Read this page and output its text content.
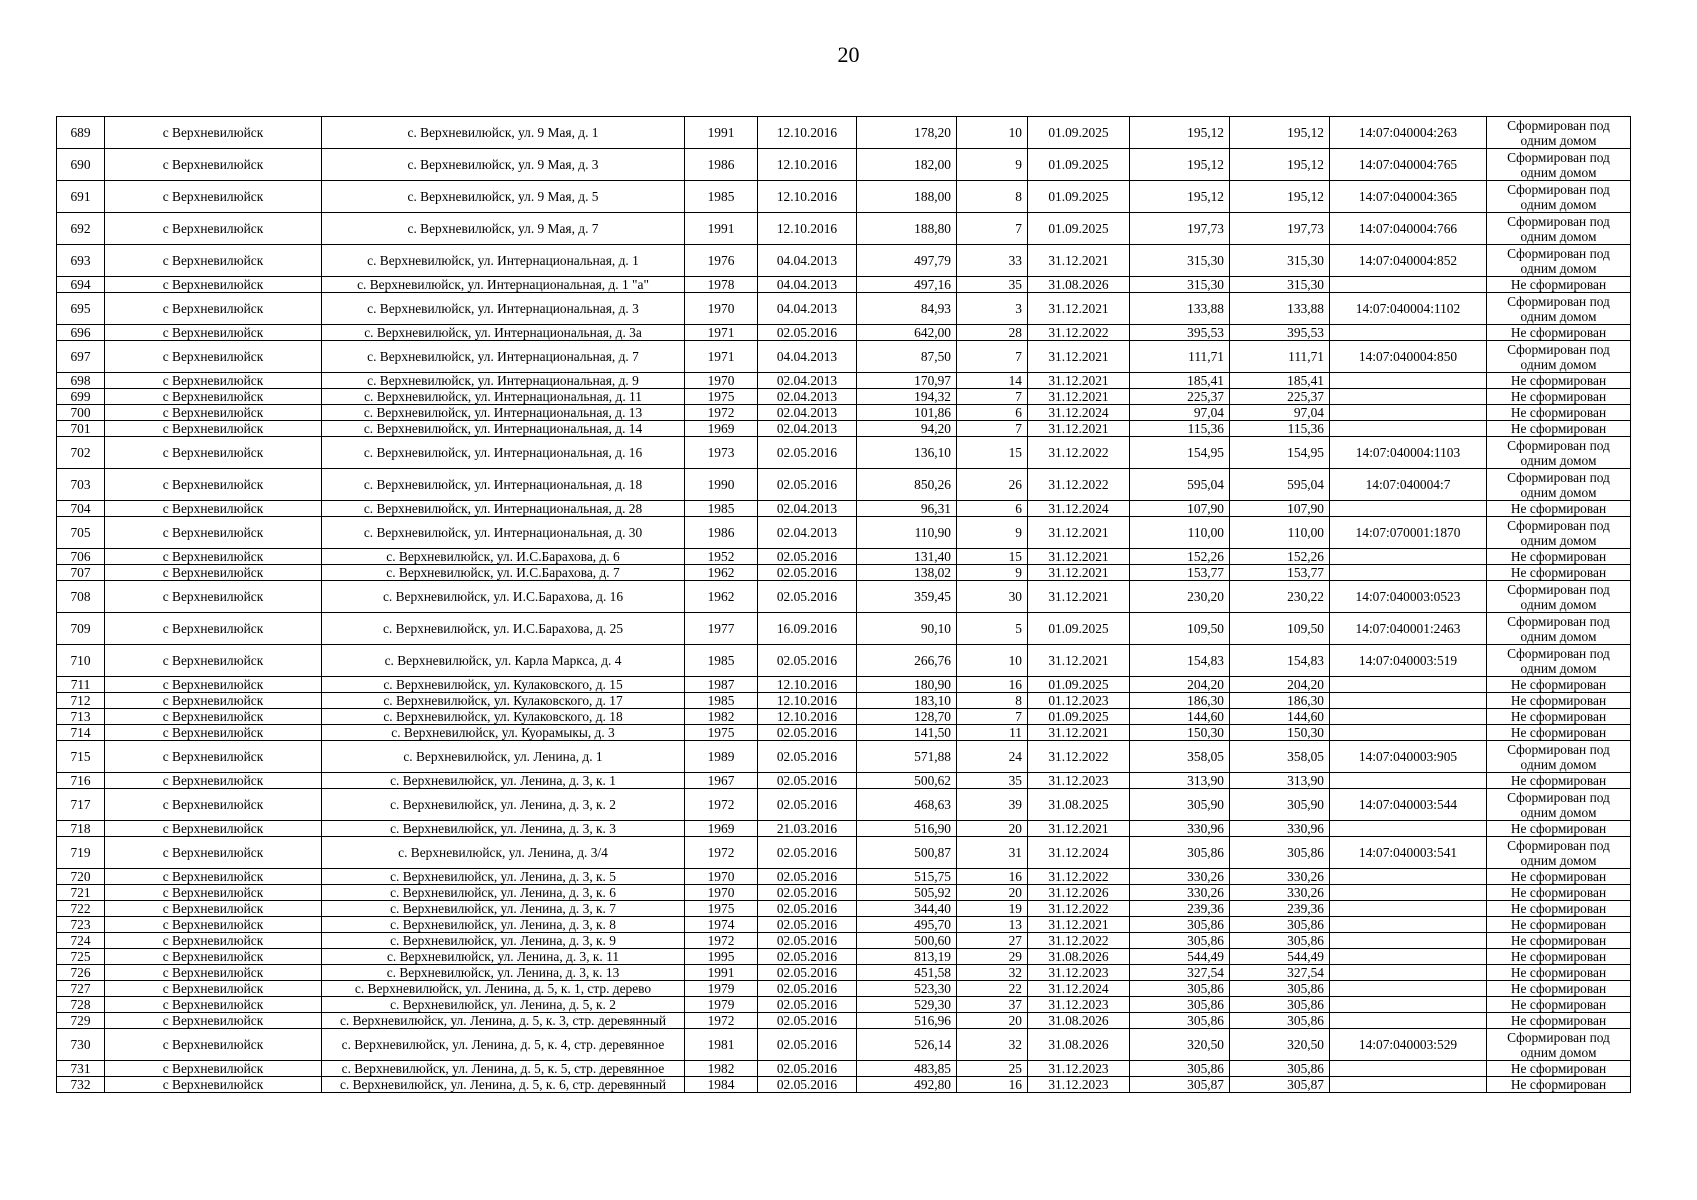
20
689	с Верхневилюйск	с. Верхневилюйск, ул. 9 Мая, д. 1	1991	12.10.2016	178,20	10	01.09.2025	195,12	195,12	14:07:040004:263	Сформирован под одним домом
690	с Верхневилюйск	с. Верхневилюйск, ул. 9 Мая, д. 3	1986	12.10.2016	182,00	9	01.09.2025	195,12	195,12	14:07:040004:765	Сформирован под одним домом
691	с Верхневилюйск	с. Верхневилюйск, ул. 9 Мая, д. 5	1985	12.10.2016	188,00	8	01.09.2025	195,12	195,12	14:07:040004:365	Сформирован под одним домом
692	с Верхневилюйск	с. Верхневилюйск, ул. 9 Мая, д. 7	1991	12.10.2016	188,80	7	01.09.2025	197,73	197,73	14:07:040004:766	Сформирован под одним домом
693	с Верхневилюйск	с. Верхневилюйск, ул. Интернациональная, д. 1	1976	04.04.2013	497,79	33	31.12.2021	315,30	315,30	14:07:040004:852	Сформирован под одним домом
694	с Верхневилюйск	с. Верхневилюйск, ул. Интернациональная, д. 1 "а"	1978	04.04.2013	497,16	35	31.08.2026	315,30	315,30		Не сформирован
695	с Верхневилюйск	с. Верхневилюйск, ул. Интернациональная, д. 3	1970	04.04.2013	84,93	3	31.12.2021	133,88	133,88	14:07:040004:1102	Сформирован под одним домом
696	с Верхневилюйск	с. Верхневилюйск, ул. Интернациональная, д. 3а	1971	02.05.2016	642,00	28	31.12.2022	395,53	395,53		Не сформирован
697	с Верхневилюйск	с. Верхневилюйск, ул. Интернациональная, д. 7	1971	04.04.2013	87,50	7	31.12.2021	111,71	111,71	14:07:040004:850	Сформирован под одним домом
698	с Верхневилюйск	с. Верхневилюйск, ул. Интернациональная, д. 9	1970	02.04.2013	170,97	14	31.12.2021	185,41	185,41		Не сформирован
699	с Верхневилюйск	с. Верхневилюйск, ул. Интернациональная, д. 11	1975	02.04.2013	194,32	7	31.12.2021	225,37	225,37		Не сформирован
700	с Верхневилюйск	с. Верхневилюйск, ул. Интернациональная, д. 13	1972	02.04.2013	101,86	6	31.12.2024	97,04	97,04		Не сформирован
701	с Верхневилюйск	с. Верхневилюйск, ул. Интернациональная, д. 14	1969	02.04.2013	94,20	7	31.12.2021	115,36	115,36		Не сформирован
702	с Верхневилюйск	с. Верхневилюйск, ул. Интернациональная, д. 16	1973	02.05.2016	136,10	15	31.12.2022	154,95	154,95	14:07:040004:1103	Сформирован под одним домом
703	с Верхневилюйск	с. Верхневилюйск, ул. Интернациональная, д. 18	1990	02.05.2016	850,26	26	31.12.2022	595,04	595,04	14:07:040004:7	Сформирован под одним домом
704	с Верхневилюйск	с. Верхневилюйск, ул. Интернациональная, д. 28	1985	02.04.2013	96,31	6	31.12.2024	107,90	107,90		Не сформирован
705	с Верхневилюйск	с. Верхневилюйск, ул. Интернациональная, д. 30	1986	02.04.2013	110,90	9	31.12.2021	110,00	110,00	14:07:070001:1870	Сформирован под одним домом
706	с Верхневилюйск	с. Верхневилюйск, ул. И.С.Барахова, д. 6	1952	02.05.2016	131,40	15	31.12.2021	152,26	152,26		Не сформирован
707	с Верхневилюйск	с. Верхневилюйск, ул. И.С.Барахова, д. 7	1962	02.05.2016	138,02	9	31.12.2021	153,77	153,77		Не сформирован
708	с Верхневилюйск	с. Верхневилюйск, ул. И.С.Барахова, д. 16	1962	02.05.2016	359,45	30	31.12.2021	230,20	230,22	14:07:040003:0523	Сформирован под одним домом
709	с Верхневилюйск	с. Верхневилюйск, ул. И.С.Барахова, д. 25	1977	16.09.2016	90,10	5	01.09.2025	109,50	109,50	14:07:040001:2463	Сформирован под одним домом
710	с Верхневилюйск	с. Верхневилюйск, ул. Карла Маркса, д. 4	1985	02.05.2016	266,76	10	31.12.2021	154,83	154,83	14:07:040003:519	Сформирован под одним домом
711	с Верхневилюйск	с. Верхневилюйск, ул. Кулаковского, д. 15	1987	12.10.2016	180,90	16	01.09.2025	204,20	204,20		Не сформирован
712	с Верхневилюйск	с. Верхневилюйск, ул. Кулаковского, д. 17	1985	12.10.2016	183,10	8	01.12.2023	186,30	186,30		Не сформирован
713	с Верхневилюйск	с. Верхневилюйск, ул. Кулаковского, д. 18	1982	12.10.2016	128,70	7	01.09.2025	144,60	144,60		Не сформирован
714	с Верхневилюйск	с. Верхневилюйск, ул. Куорамыкы, д. 3	1975	02.05.2016	141,50	11	31.12.2021	150,30	150,30		Не сформирован
715	с Верхневилюйск	с. Верхневилюйск, ул. Ленина, д. 1	1989	02.05.2016	571,88	24	31.12.2022	358,05	358,05	14:07:040003:905	Сформирован под одним домом
716	с Верхневилюйск	с. Верхневилюйск, ул. Ленина, д. 3, к. 1	1967	02.05.2016	500,62	35	31.12.2023	313,90	313,90		Не сформирован
717	с Верхневилюйск	с. Верхневилюйск, ул. Ленина, д. 3, к. 2	1972	02.05.2016	468,63	39	31.08.2025	305,90	305,90	14:07:040003:544	Сформирован под одним домом
718	с Верхневилюйск	с. Верхневилюйск, ул. Ленина, д. 3, к. 3	1969	21.03.2016	516,90	20	31.12.2021	330,96	330,96		Не сформирован
719	с Верхневилюйск	с. Верхневилюйск, ул. Ленина, д. 3/4	1972	02.05.2016	500,87	31	31.12.2024	305,86	305,86	14:07:040003:541	Сформирован под одним домом
720	с Верхневилюйск	с. Верхневилюйск, ул. Ленина, д. 3, к. 5	1970	02.05.2016	515,75	16	31.12.2022	330,26	330,26		Не сформирован
721	с Верхневилюйск	с. Верхневилюйск, ул. Ленина, д. 3, к. 6	1970	02.05.2016	505,92	20	31.12.2026	330,26	330,26		Не сформирован
722	с Верхневилюйск	с. Верхневилюйск, ул. Ленина, д. 3, к. 7	1975	02.05.2016	344,40	19	31.12.2022	239,36	239,36		Не сформирован
723	с Верхневилюйск	с. Верхневилюйск, ул. Ленина, д. 3, к. 8	1974	02.05.2016	495,70	13	31.12.2021	305,86	305,86		Не сформирован
724	с Верхневилюйск	с. Верхневилюйск, ул. Ленина, д. 3, к. 9	1972	02.05.2016	500,60	27	31.12.2022	305,86	305,86		Не сформирован
725	с Верхневилюйск	с. Верхневилюйск, ул. Ленина, д. 3, к. 11	1995	02.05.2016	813,19	29	31.08.2026	544,49	544,49		Не сформирован
726	с Верхневилюйск	с. Верхневилюйск, ул. Ленина, д. 3, к. 13	1991	02.05.2016	451,58	32	31.12.2023	327,54	327,54		Не сформирован
727	с Верхневилюйск	с. Верхневилюйск, ул. Ленина, д. 5, к. 1, стр. дерево	1979	02.05.2016	523,30	22	31.12.2024	305,86	305,86		Не сформирован
728	с Верхневилюйск	с. Верхневилюйск, ул. Ленина, д. 5, к. 2	1979	02.05.2016	529,30	37	31.12.2023	305,86	305,86		Не сформирован
729	с Верхневилюйск	с. Верхневилюйск, ул. Ленина, д. 5, к. 3, стр. деревянный	1972	02.05.2016	516,96	20	31.08.2026	305,86	305,86		Не сформирован
730	с Верхневилюйск	с. Верхневилюйск, ул. Ленина, д. 5, к. 4, стр. деревянное	1981	02.05.2016	526,14	32	31.08.2026	320,50	320,50	14:07:040003:529	Сформирован под одним домом
731	с Верхневилюйск	с. Верхневилюйск, ул. Ленина, д. 5, к. 5, стр. деревянное	1982	02.05.2016	483,85	25	31.12.2023	305,86	305,86		Не сформирован
732	с Верхневилюйск	с. Верхневилюйск, ул. Ленина, д. 5, к. 6, стр. деревянный	1984	02.05.2016	492,80	16	31.12.2023	305,87	305,87		Не сформирован
